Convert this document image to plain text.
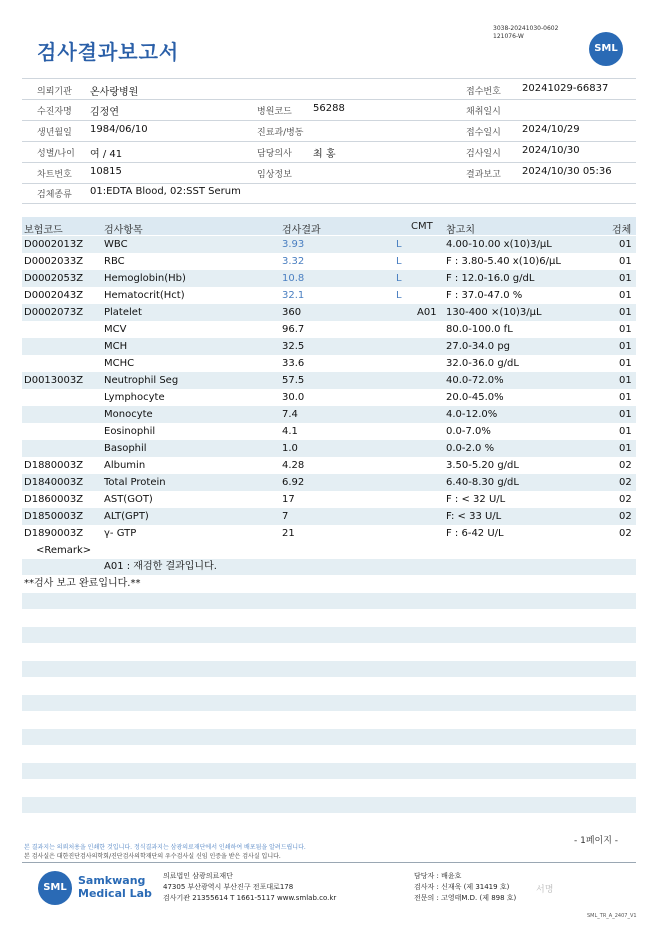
검사결과보고서
3038-20241030-0602
121076-W
SML
의뢰기관 온사랑병원	접수번호 20241029-66837
수진자명 김정연	병원코드 56288	채취일시
생년월일 1984/06/10	진료과/병동	접수일시 2024/10/29
성별/나이 여 / 41	담당의사 최 홍	검사일시 2024/10/30
차트번호 10815	임상정보	결과보고 2024/10/30 05:36
검체종류 01:EDTA Blood, 02:SST Serum
보험코드	검사항목	검사결과	CMT 참고치	검체
D0002013Z WBC	3.93	L	4.00-10.00 x(10)3/μL	01
D0002033Z RBC	3.32	L	F : 3.80-5.40 x(10)6/μL	01
D0002053Z Hemoglobin(Hb)	10.8	L	F : 12.0-16.0 g/dL	01
D0002043Z Hematocrit(Hct)	32.1	L	F : 37.0-47.0 %	01
D0002073Z Platelet	360	A01 130-400 ×(10)3/μL	01
MCV	96.7	80.0-100.0 fL	01
MCH	32.5	27.0-34.0 pg	01
MCHC	33.6	32.0-36.0 g/dL	01
D0013003Z Neutrophil Seg	57.5	40.0-72.0%	01
Lymphocyte	30.0	20.0-45.0%	01
Monocyte	7.4	4.0-12.0%	01
Eosinophil	4.1	0.0-7.0%	01
Basophil	1.0	0.0-2.0 %	01
D1880003Z Albumin	4.28	3.50-5.20 g/dL	02
D1840003Z Total Protein	6.92	6.40-8.30 g/dL	02
D1860003Z AST(GOT)	17	F : < 32 U/L	02
D1850003Z ALT(GPT)	7	F: < 33 U/L	02
D1890003Z γ- GTP	21	F : 6-42 U/L	02
<Remark>
A01 : 재검한 결과입니다.
**검사 보고 완료입니다.**
본 결과지는 의뢰처용을 인쇄한 것입니다. 정식결과지는 삼광의료재단에서 인쇄하여 배포됨을 알려드립니다.
본 검사실은 대한진단검사의학회/진단검사의학재단의 우수검사실 신임 인증을 받은 검사실 입니다.
- 1페이지 -
SML
Samkwang
Medical Lab
의료법인 삼광의료재단
47305 부산광역시 부산진구 전포대로178
검사기관 21355614 T 1661-5117 www.smlab.co.kr
담당자 : 배윤호
검사자 : 신재욱 (제 31419 호)
전문의 : 고영태M.D. (제 898 호)
서명
SML_TR_A_2407_V1
